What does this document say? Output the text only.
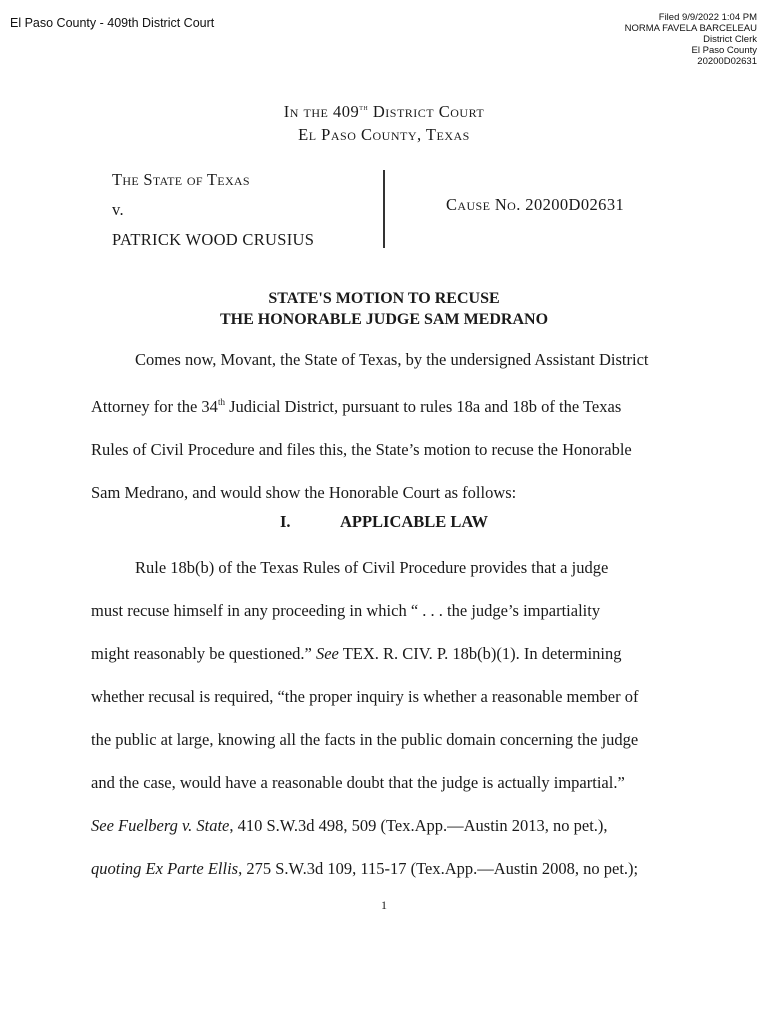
El Paso County - 409th District Court	Filed 9/9/2022 1:04 PM
NORMA FAVELA BARCELEAU
District Clerk
El Paso County
20200D02631
In the 409th District Court
El Paso County, Texas
The State of Texas
v.
PATRICK WOOD CRUSIUS
Cause No. 20200D02631
STATE'S MOTION TO RECUSE
THE HONORABLE JUDGE SAM MEDRANO
Comes now, Movant, the State of Texas, by the undersigned Assistant District
Attorney for the 34th Judicial District, pursuant to rules 18a and 18b of the Texas
Rules of Civil Procedure and files this, the State’s motion to recuse the Honorable
Sam Medrano, and would show the Honorable Court as follows:
I.	APPLICABLE LAW
Rule 18b(b) of the Texas Rules of Civil Procedure provides that a judge
must recuse himself in any proceeding in which “ . . . the judge’s impartiality
might reasonably be questioned.” See TEX. R. CIV. P. 18b(b)(1). In determining
whether recusal is required, “the proper inquiry is whether a reasonable member of
the public at large, knowing all the facts in the public domain concerning the judge
and the case, would have a reasonable doubt that the judge is actually impartial.”
See Fuelberg v. State, 410 S.W.3d 498, 509 (Tex.App.—Austin 2013, no pet.),
quoting Ex Parte Ellis, 275 S.W.3d 109, 115-17 (Tex.App.—Austin 2008, no pet.);
1
